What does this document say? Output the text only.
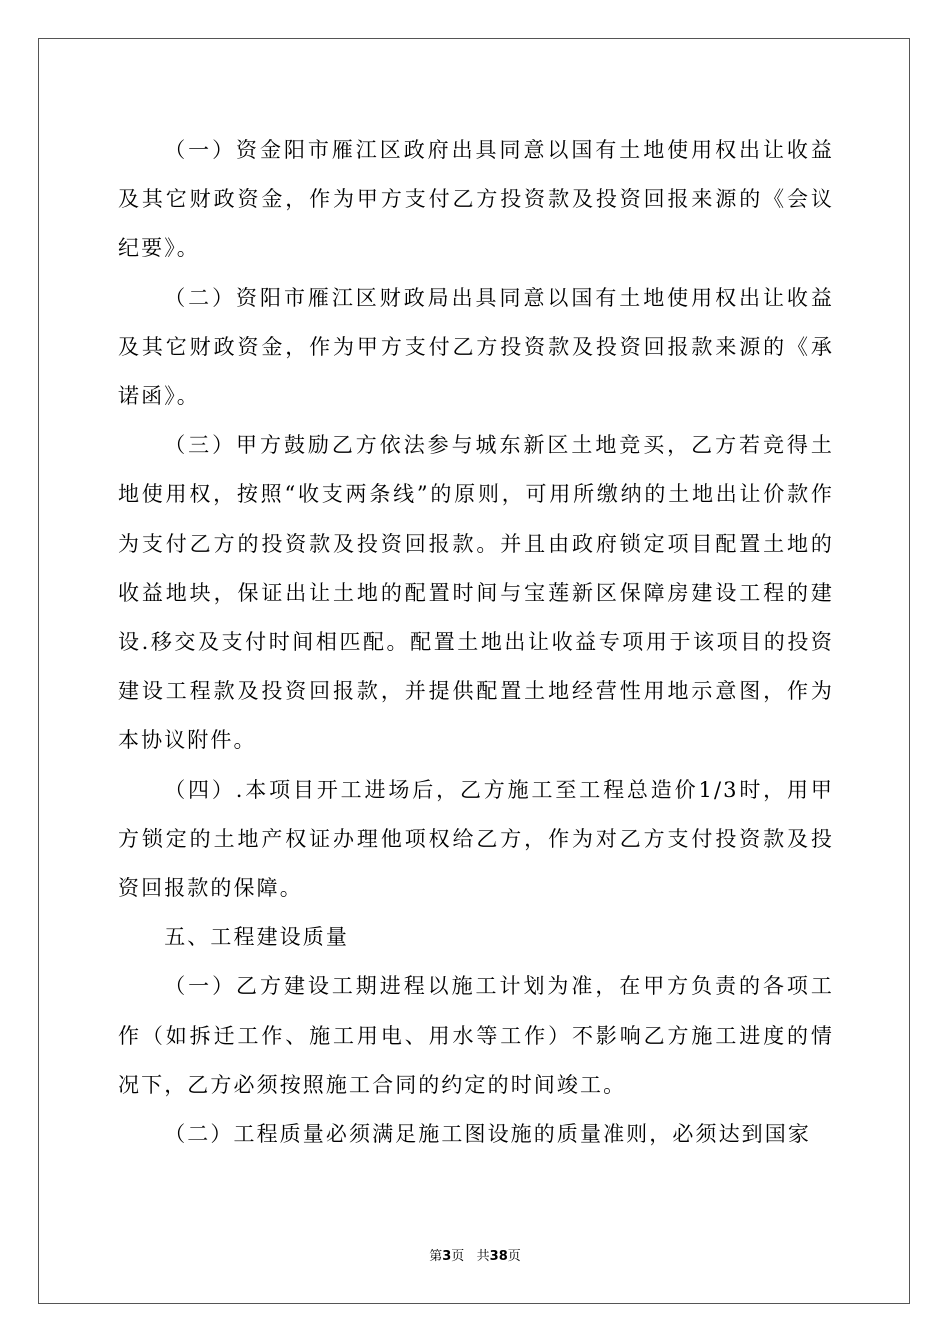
（一）资金阳市雁江区政府出具同意以国有土地使用权出让收益及其它财政资金，作为甲方支付乙方投资款及投资回报来源的《会议纪要》。

（二）资阳市雁江区财政局出具同意以国有土地使用权出让收益及其它财政资金，作为甲方支付乙方投资款及投资回报款来源的《承诺函》。

（三）甲方鼓励乙方依法参与城东新区土地竞买，乙方若竞得土地使用权，按照“收支两条线”的原则，可用所缴纳的土地出让价款作为支付乙方的投资款及投资回报款。并且由政府锁定项目配置土地的收益地块，保证出让土地的配置时间与宝莲新区保障房建设工程的建设.移交及支付时间相匹配。配置土地出让收益专项用于该项目的投资建设工程款及投资回报款，并提供配置土地经营性用地示意图，作为本协议附件。

（四）.本项目开工进场后，乙方施工至工程总造价1/3时，用甲方锁定的土地产权证办理他项权给乙方，作为对乙方支付投资款及投资回报款的保障。

五、工程建设质量

（一）乙方建设工期进程以施工计划为准，在甲方负责的各项工作（如拆迁工作、施工用电、用水等工作）不影响乙方施工进度的情况下，乙方必须按照施工合同的约定的时间竣工。

（二）工程质量必须满足施工图设施的质量准则，必须达到国家

第3页   共38页
